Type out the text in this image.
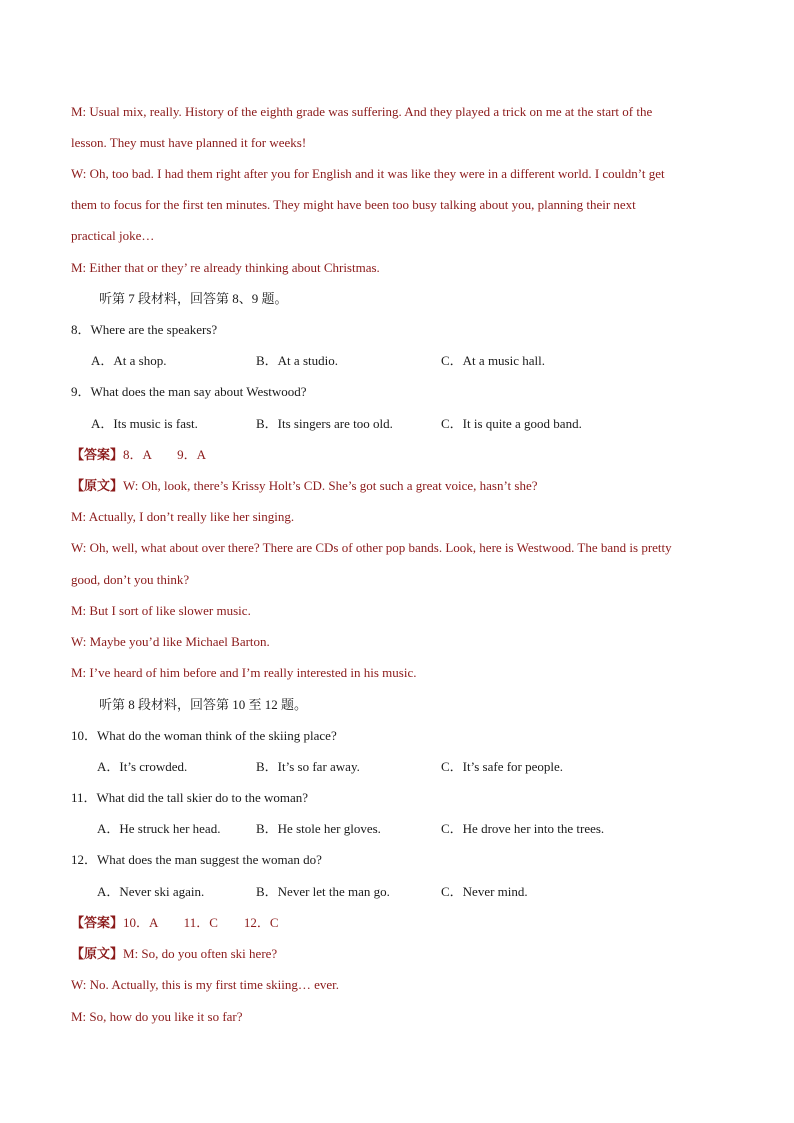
M: Usual mix, really. History of the eighth grade was suffering. And they played a trick on me at the start of the
lesson. They must have planned it for weeks!
W: Oh, too bad. I had them right after you for English and it was like they were in a different world. I couldn’t get
them to focus for the first ten minutes. They might have been too busy talking about you, planning their next
practical joke…
M: Either that or they’ re already thinking about Christmas.
听第 7 段材料，回答第 8、9 题。
8．Where are the speakers?
A．At a shop.	B．At a studio.	C．At a music hall.
9．What does the man say about Westwood?
A．Its music is fast.	B．Its singers are too old.	C．It is quite a good band.
【答案】8．A　　9．A
【原文】W: Oh, look, there’s Krissy Holt’s CD. She’s got such a great voice, hasn’t she?
M: Actually, I don’t really like her singing.
W: Oh, well, what about over there? There are CDs of other pop bands. Look, here is Westwood. The band is pretty
good, don’t you think?
M: But I sort of like slower music.
W: Maybe you’d like Michael Barton.
M: I’ve heard of him before and I’m really interested in his music.
听第 8 段材料，回答第 10 至 12 题。
10．What do the woman think of the skiing place?
A．It’s crowded.	B．It’s so far away.	C．It’s safe for people.
11．What did the tall skier do to the woman?
A．He struck her head.	B．He stole her gloves.	C．He drove her into the trees.
12．What does the man suggest the woman do?
A．Never ski again.	B．Never let the man go.	C．Never mind.
【答案】10．A　　11．C　　12．C
【原文】M: So, do you often ski here?
W: No. Actually, this is my first time skiing… ever.
M: So, how do you like it so far?
